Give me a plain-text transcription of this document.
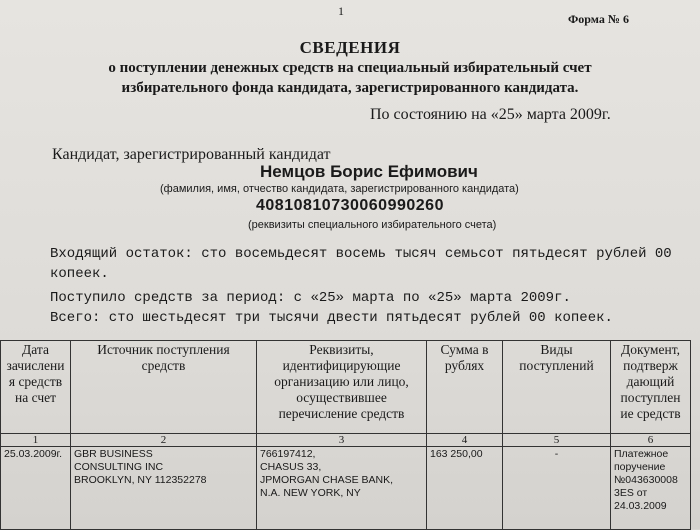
1
Форма № 6
СВЕДЕНИЯ
о поступлении денежных средств на специальный избирательный счет
избирательного фонда кандидата, зарегистрированного кандидата.
По состоянию на «25» марта 2009г.
Кандидат, зарегистрированный кандидат
Немцов Борис Ефимович
(фамилия, имя, отчество кандидата, зарегистрированного кандидата)
40810810730060990260
(реквизиты специального избирательного счета)
Входящий остаток: сто восемьдесят восемь тысяч семьсот пятьдесят рублей 00
копеек.
Поступило средств за период: с «25» марта по «25» марта 2009г.
Всего: сто шестьдесят три тысячи двести пятьдесят рублей 00 копеек.
Дата зачислени я средств на счет	Источник поступления средств	Реквизиты, идентифицирующие организацию или лицо, осуществившее перечисление средств	Сумма в рублях	Виды поступлений	Документ, подтверж дающий поступлен ие средств
1	2	3	4	5	6
25.03.2009г.	GBR BUSINESS
CONSULTING INC
BROOKLYN, NY 112352278	766197412,
CHASUS 33,
JPMORGAN CHASE BANK,
N.A. NEW YORK, NY	163 250,00	-	Платежное
поручение
№043630008
3ES от
24.03.2009
